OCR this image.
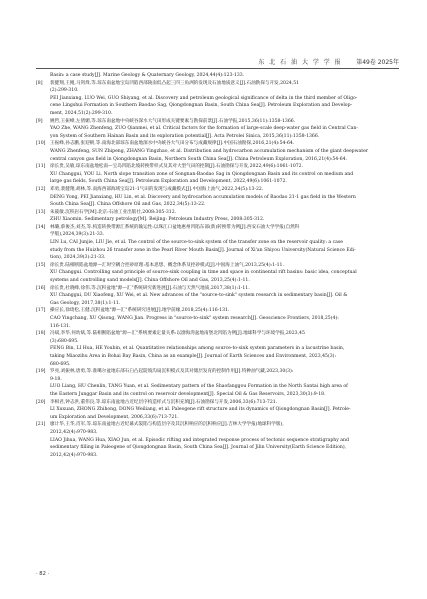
东 北 石 油 大 学 学 报 第49卷 2025年
Basin: a case study[J]. Marine Geology & Quaternary Geology, 2024,44(4):123-133.
[8]	裴健翔,王鲲,马剑烽,等.琼东南盆地宝岛凹陷西部陵南低凸起三四三角洲的发现及石油地质意义[J].石油勘探与开发,2024,51
(2):299-310.
PEI Jianxiang, LUO Wei, GUO Shiyang, et al. Discovery and petroleum geological significance of delta in the third member of Oligo-
cene Lingshui Formation in Southern Baodao Sag, Qiongdongnan Basin, South China Sea[J]. Petroleum Exploration and Develop-
ment, 2024,51(2):299-310.
[9]	姚哲,王振峰,左倩媚,等.琼东南盆地中央峡谷深水大气田形成关键要素与勘探前景[J].石油学报,2015,36(11):1358-1366.
YAO Zhe, WANG Zhenfeng, ZUO Qianmei, et al. Critical factors for the formation of large-scale deep-water gas field in Central Can-
yon System of Southern Hainan Basin and its exploration potential[J]. Acta Petrolei Sinica, 2015,36(11):1358-1366.
[10] 王振峰,孙志鹏,张迎朝,等.南海北部琼东南盆地深水中央峡谷大气田分布与成藏规律[J].中国石油勘探,2016,21(4):54-64.
WANG Zhenfeng, SUN Zhipeng, ZHANG Yingzhao, et al. Distribution and hydrocarbon accumulation mechanism of the giant deepwater
central canyon gas field in Qiongdongnan Basin, Northern South China Sea[J]. China Petroleum Exploration, 2016,21(4):54-64.
[11] 徐长贵,吴敏,琼东南盆地松南—宝岛凹陷北坡转换带样式及其对大型气田的控制[J].石油勘探与开发,2022,49(6):1061-1072.
XU Changgui, YOU Li. North slope transition zone of Songnan-Baodao Sag in Qiongdongnan Basin and its control on medium and
large gas fields, South China Sea[J]. Petroleum Exploration and Development, 2022,49(6):1061-1072.
[12] 邓勇,裴健翔,胡林,等.南海西部海域宝岛21-1气田的发现与成藏模式[J].中国海上油气,2022,34(5):13-22.
DENG Yong, PEI Jianxiang, HU Lin, et al. Discovery and hydrocarbon accumulation models of Baodao 21-1 gas field in the Western
South China Sea[J]. China Offshore Oil and Gas, 2022,34(5):13-22.
[13] 朱筱敏.沉积岩石学[M].北京:石油工业出版社,2008:305-312.
ZHU Xiaomin. Sedimentary petrology[M]. Beijing: Petroleum Industry Press, 2008:305-312.
[14] 林璐,蔡俊杰,刘杰,等.构造转换带源汇系统的输运性:以珠江口盆地惠州凹陷东部(新)转换带为例[J].西安石油大学学报(自然科
学版),2024,39(3):21-33.
LIN Lu, CAI Junjie, LIU Jie, et al. The control of the source-to-sink system of the transfer zone on the reservoir quality: a case
study from the Huizhou 26 transfer zone in the Pearl River Mouth Basin[J]. Journal of Xi'an Shiyou University(Natural Science Edi-
tion), 2024,39(3):21-33.
[15] 徐长贵.陆相断陷盆地源—汇时空耦合控砂原理:基本思想、概念体系及控砂模式[J].中国海上油气,2013,25(4):1-11.
XU Changgui. Controlling sand principle of source-sink coupling in time and space in continental rift basins: basic idea, conceptual
systems and controlling sand models[J]. China Offshore Oil and Gas, 2013,25(4):1-11.
[16] 徐长贵,杜晓峰,徐伟,等.沉积盆地"源—汇"系统研究新进展[J].石油与天然气地质,2017,38(1):1-11.
XU Changgui, DU Xiaofeng, XU Wei, et al. New advances of the "source-to-sink" system research in sedimentary basin[J]. Oil &
Gas Geology, 2017,38(1):1-11.
[17] 操应长,徐琦松,王健.沉积盆地"源—汇"系统研究进展[J].地学前缘,2018,25(4):116-131.
CAO Yingchang, XU Qisong, WANG Jian. Progress in "source-to-sink" system research[J]. Geoscience Frontiers, 2018,25(4):
116-131.
[18] 冯斌,李华,何幼斌,等.陆相断陷盆地"源—汇"系统要素定量关系:以渤海湾盆地南堡北凹陷为例[J].地球科学与环境学报,2023,45
(3):680-695.
FENG Bin, LI Hua, HE Youbin, et al. Quantitative relationships among source-to-sink system parameters in a lacustrine basin,
taking Miaozihu Area in Bohai Bay Basin, China as an example[J]. Journal of Earth Sciences and Environment, 2023,45(3):
680-695.
[19] 罗亮,刘振林,唐勇,等.准噶尔盆地东部石臼凸起陡坡沟扇沉积模式及其对储层发育的控制作用[J].特种油气藏,2023,30(3):
9-18.
LUO Liang, HU Chenlin, TANG Yuan, et al. Sedimentary pattern of the Shaofanggou Formation in the North Santai high area of
the Eastern Junggar Basin and its control on reservoir development[J]. Special Oil & Gas Reservoirs, 2023,30(3):9-18.
[20] 李相君,钟志洪,董伟良,等.琼东南盆地古近纪层序构造样式与沉积充填[J].石油勘探与开发,2006,33(6):713-721.
LI Xuxuan, ZHONG Zhihong, DONG Weiliang, et al. Paleogene rift structure and its dynamics of Qiongdongnan Basin[J]. Petrole-
um Exploration and Development, 2006,33(6):713-721.
[21] 廖计华,王华,肖军,等.琼东南盆地古近纪幕式裂陷与构造层序及其沉积响应的沉积响应[J].吉林大学学报(地球科学版),
2012,42(4):970-983.
LIAO Jihua, WANG Hua, XIAO Jun, et al. Episodic rifting and integrated response process of tectonic sequence stratigraphy and
sedimentary filling in Paleogene of Qiongdongnan Basin, South China Sea[J]. Journal of Jilin University(Earth Science Edition),
2012,42(4):970-983.
· 82 ·
